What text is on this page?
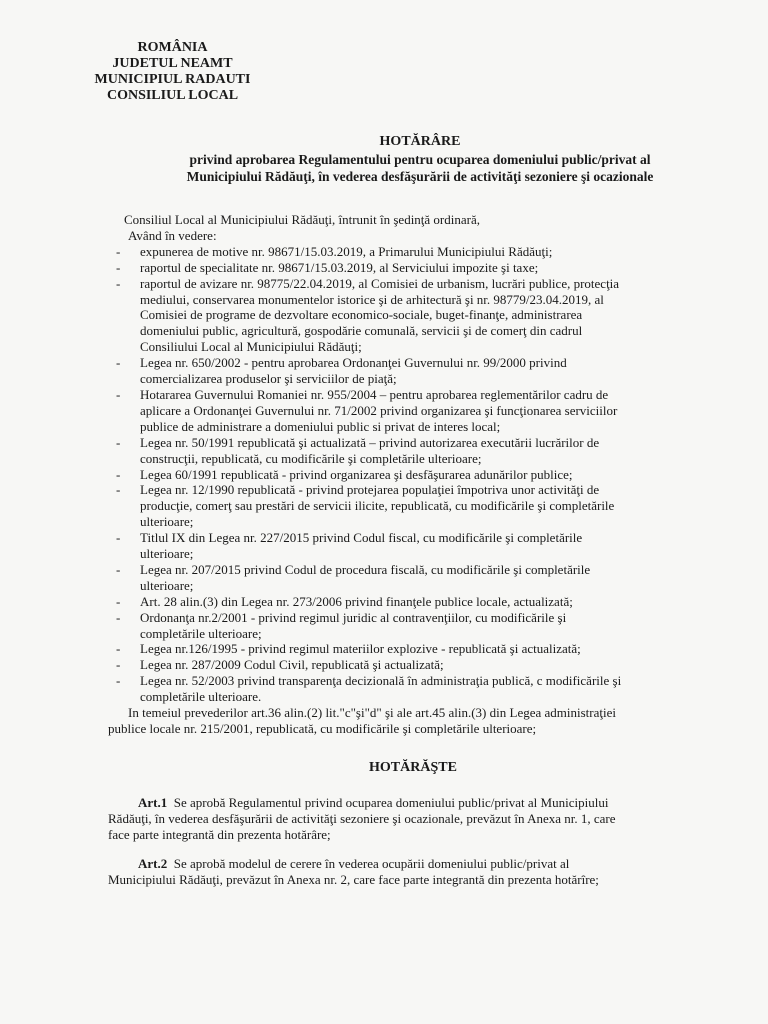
ROMÂNIA
JUDETUL NEAMT
MUNICIPIUL RADAUTI
CONSILIUL LOCAL
HOTĂRÂRE
privind aprobarea Regulamentului pentru ocuparea domeniului public/privat al
Municipiului Rădăuţi, în vederea desfăşurării de activităţi sezoniere şi ocazionale
Consiliul Local al Municipiului Rădăuţi, întrunit în şedinţă ordinară,
Având în vedere:
-	expunerea de motive nr. 98671/15.03.2019, a Primarului Municipiului Rădăuţi;
-	raportul de specialitate nr. 98671/15.03.2019, al Serviciului impozite şi taxe;
-	raportul de avizare nr. 98775/22.04.2019, al Comisiei de urbanism, lucrări publice, protecţia
mediului, conservarea monumentelor istorice şi de arhitectură şi nr. 98779/23.04.2019, al
Comisiei de programe de dezvoltare economico-sociale, buget-finanţe, administrarea
domeniului public, agricultură, gospodărie comunală, servicii şi de comerţ din cadrul
Consiliului Local al Municipiului Rădăuţi;
-	Legea nr. 650/2002 - pentru aprobarea Ordonanţei Guvernului nr. 99/2000 privind
comercializarea produselor şi serviciilor de piaţă;
-	Hotararea Guvernului Romaniei nr. 955/2004 – pentru aprobarea reglementărilor cadru de
aplicare a Ordonanţei Guvernului nr. 71/2002 privind organizarea şi funcţionarea serviciilor
publice de administrare a domeniului public si privat de interes local;
-	Legea nr. 50/1991 republicată şi actualizată – privind autorizarea executării lucrărilor de
construcţii, republicată, cu modificările şi completările ulterioare;
-	Legea 60/1991 republicată - privind organizarea şi desfăşurarea adunărilor publice;
-	Legea nr. 12/1990 republicată - privind protejarea populaţiei împotriva unor activităţi de
producţie, comerţ sau prestări de servicii ilicite, republicată, cu modificările şi completările
ulterioare;
-	Titlul IX din Legea nr. 227/2015 privind Codul fiscal, cu modificările şi completările
ulterioare;
-	Legea nr. 207/2015 privind Codul de procedura fiscală, cu modificările şi completările
ulterioare;
-	Art. 28 alin.(3) din Legea nr. 273/2006 privind finanţele publice locale, actualizată;
-	Ordonanţa nr.2/2001 - privind regimul juridic al contravenţiilor, cu modificările şi
completările ulterioare;
-	Legea nr.126/1995 - privind regimul materiilor explozive - republicată şi actualizată;
-	Legea nr. 287/2009 Codul Civil, republicată şi actualizată;
-	Legea nr. 52/2003 privind transparenţa decizională în administraţia publică, c modificările şi
completările ulterioare.
In temeiul prevederilor art.36 alin.(2) lit."c"şi"d" şi ale art.45 alin.(3) din Legea administraţiei
publice locale nr. 215/2001, republicată, cu modificările şi completările ulterioare;
HOTĂRĂŞTE
Art.1 Se aprobă Regulamentul privind ocuparea domeniului public/privat al Municipiului
Rădăuţi, în vederea desfăşurării de activităţi sezoniere şi ocazionale, prevăzut în Anexa nr. 1, care
face parte integrantă din prezenta hotărâre;
Art.2 Se aprobă modelul de cerere în vederea ocupării domeniului public/privat al
Municipiului Rădăuţi, prevăzut în Anexa nr. 2, care face parte integrantă din prezenta hotărîre;
